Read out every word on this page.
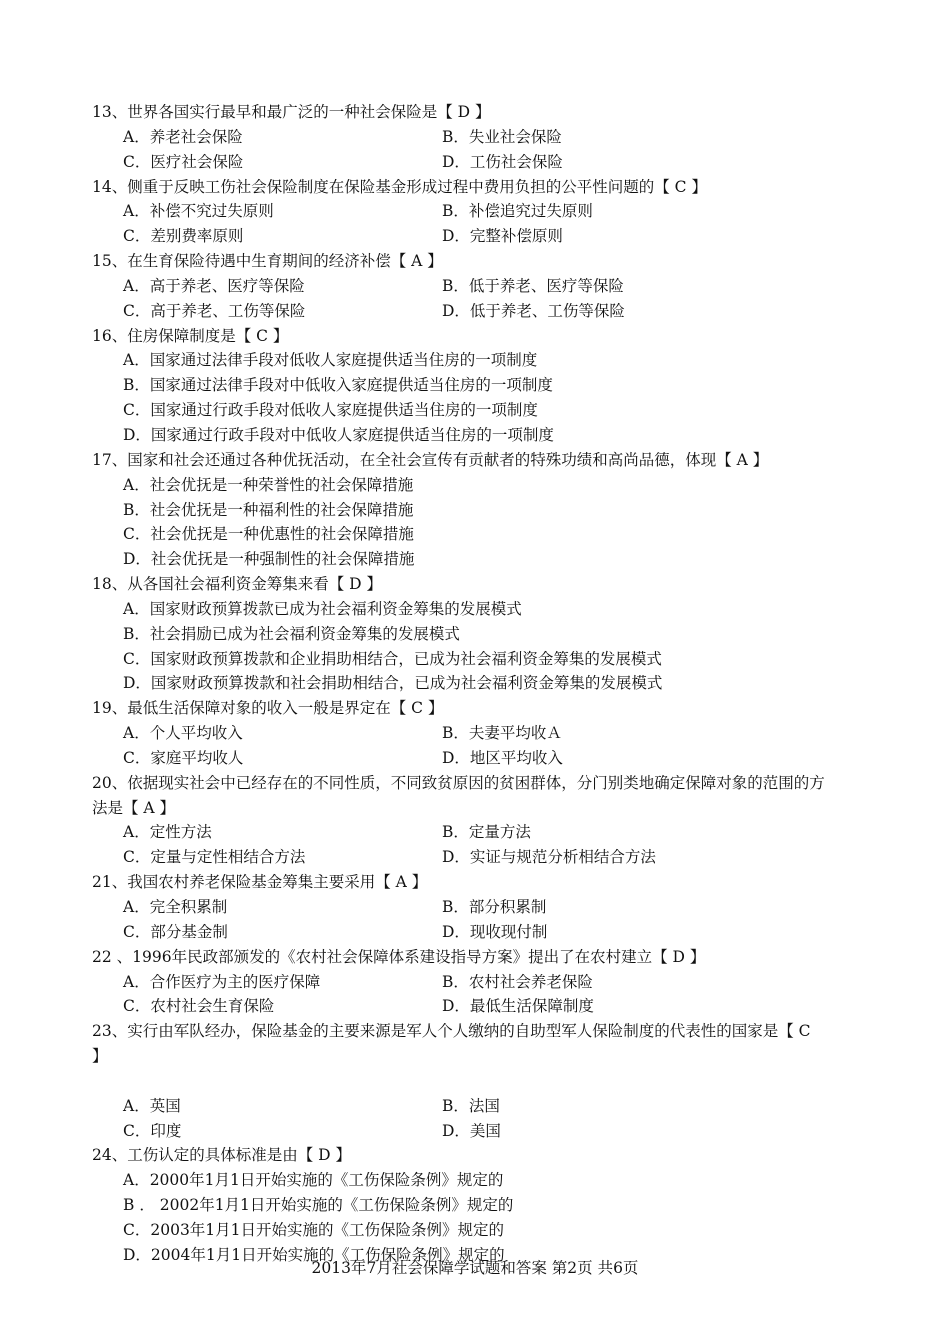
13、世界各国实行最早和最广泛的一种社会保险是【 D 】
A．养老社会保险	B．失业社会保险
C．医疗社会保险	D．工伤社会保险
14、侧重于反映工伤社会保险制度在保险基金形成过程中费用负担的公平性问题的【 C 】
A．补偿不究过失原则	B．补偿追究过失原则
C．差别费率原则	D．完整补偿原则
15、在生育保险待遇中生育期间的经济补偿【 A 】
A．高于养老、医疗等保险	B．低于养老、医疗等保险
C．高于养老、工伤等保险	D．低于养老、工伤等保险
16、住房保障制度是【 C 】
A．国家通过法律手段对低收人家庭提供适当住房的一项制度
B．国家通过法律手段对中低收入家庭提供适当住房的一项制度
C．国家通过行政手段对低收人家庭提供适当住房的一项制度
D．国家通过行政手段对中低收人家庭提供适当住房的一项制度
17、国家和社会还通过各种优抚活动，在全社会宣传有贡献者的特殊功绩和高尚品德，体现【 A 】
A．社会优抚是一种荣誉性的社会保障措施
B．社会优抚是一种福利性的社会保障措施
C．社会优抚是一种优惠性的社会保障措施
D．社会优抚是一种强制性的社会保障措施
18、从各国社会福利资金筹集来看【 D 】
A．国家财政预算拨款已成为社会福利资金筹集的发展模式
B．社会捐励已成为社会福利资金筹集的发展模式
C．国家财政预算拨款和企业捐助相结合，已成为社会福利资金筹集的发展模式
D．国家财政预算拨款和社会捐助相结合，已成为社会福利资金筹集的发展模式
19、最低生活保障对象的收入一般是界定在【 C 】
A．个人平均收入	B．夫妻平均收Ａ
C．家庭平均收人	D．地区平均收入
20、依据现实社会中已经存在的不同性质，不同致贫原因的贫困群体，分门别类地确定保障对象的范围的方
法是【 A 】
A．定性方法	B．定量方法
C．定量与定性相结合方法	D．实证与规范分析相结合方法
21、我国农村养老保险基金筹集主要采用【 A 】
A．完全积累制	B．部分积累制
C．部分基金制	D．现收现付制
22 、1996年民政部颁发的《农村社会保障体系建设指导方案》提出了在农村建立【 D 】
A．合作医疗为主的医疗保障	B．农村社会养老保险
C．农村社会生育保险	D．最低生活保障制度
23、实行由军队经办，保险基金的主要来源是军人个人缴纳的自助型军人保险制度的代表性的国家是【 C
】
A．英国	B．法国
C．印度	D．美国
24、工伤认定的具体标准是由【 D 】
A．2000年1月1日开始实施的《工伤保险条例》规定的
B ． 2002年1月1日开始实施的《工伤保险条例》规定的
C．2003年1月1日开始实施的《工伤保险条例》规定的
D．2004年1月1日开始实施的《工伤保险条例》规定的
2013年7月社会保障学试题和答案 第2页 共6页
